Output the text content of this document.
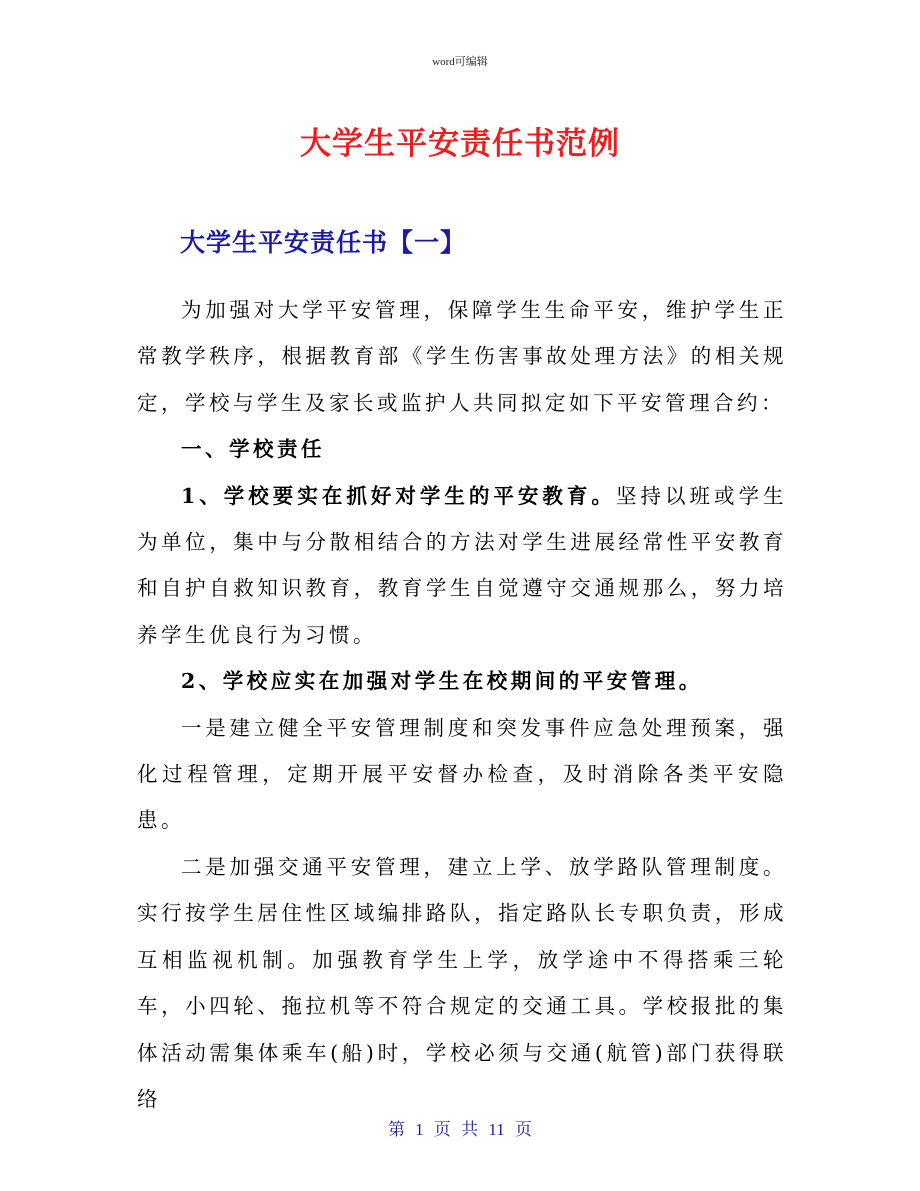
word可编辑
大学生平安责任书范例
大学生平安责任书【一】

为加强对大学平安管理，保障学生生命平安，维护学生正常教学秩序，根据教育部《学生伤害事故处理方法》的相关规定，学校与学生及家长或监护人共同拟定如下平安管理合约：

一、学校责任

1、学校要实在抓好对学生的平安教育。坚持以班或学生为单位，集中与分散相结合的方法对学生进展经常性平安教育和自护自救知识教育，教育学生自觉遵守交通规那么，努力培养学生优良行为习惯。

2、学校应实在加强对学生在校期间的平安管理。

一是建立健全平安管理制度和突发事件应急处理预案，强化过程管理，定期开展平安督办检查，及时消除各类平安隐患。

二是加强交通平安管理，建立上学、放学路队管理制度。实行按学生居住性区域编排路队，指定路队长专职负责，形成互相监视机制。加强教育学生上学，放学途中不得搭乘三轮车，小四轮、拖拉机等不符合规定的交通工具。学校报批的集体活动需集体乘车(船)时，学校必须与交通(航管)部门获得联络

第 1 页 共 11 页
